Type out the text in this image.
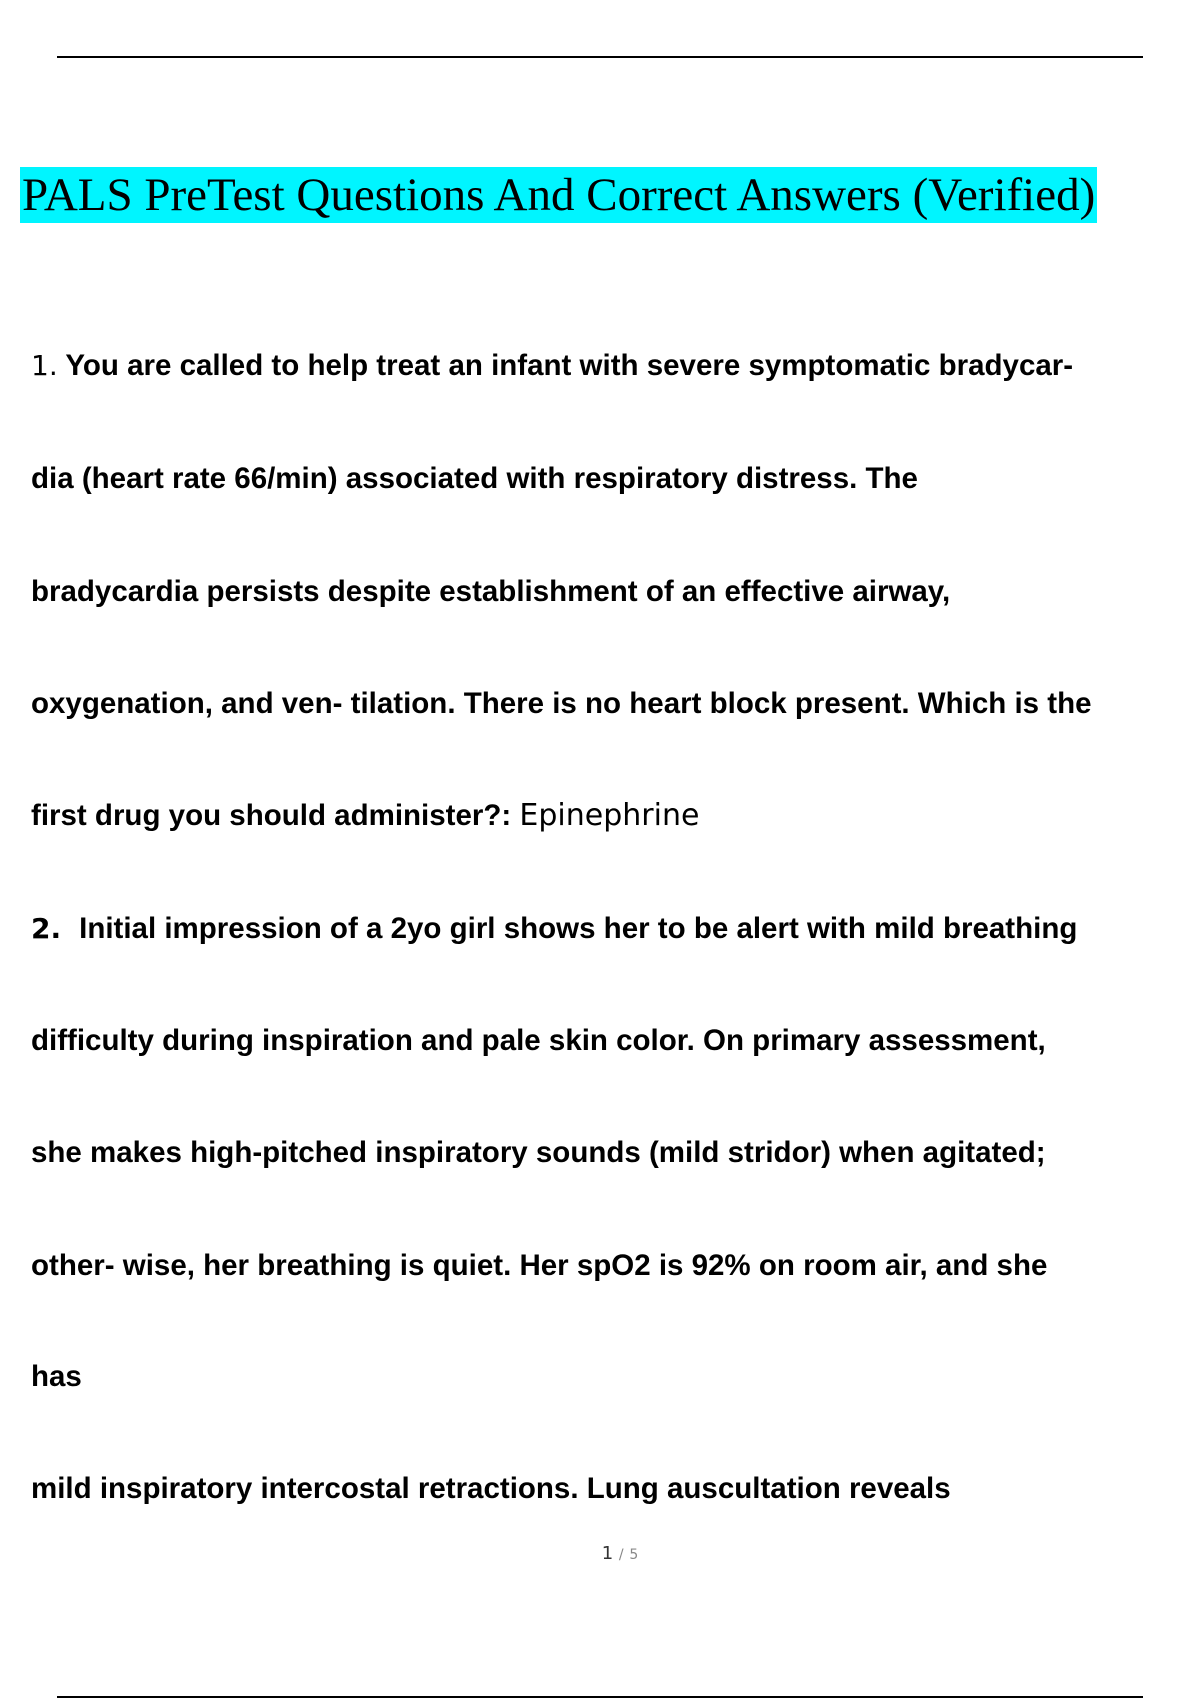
PALS PreTest Questions And Correct Answers (Verified)
1. You are called to help treat an infant with severe symptomatic bradycar-
dia (heart rate 66/min) associated with respiratory distress. The
bradycardia persists despite establishment of an effective airway,
oxygenation, and ven- tilation. There is no heart block present. Which is the
first drug you should administer?: Epinephrine
2. Initial impression of a 2yo girl shows her to be alert with mild breathing
difficulty during inspiration and pale skin color. On primary assessment,
she makes high-pitched inspiratory sounds (mild stridor) when agitated;
other- wise, her breathing is quiet. Her spO2 is 92% on room air, and she
has
mild inspiratory intercostal retractions. Lung auscultation reveals
1 / 5
